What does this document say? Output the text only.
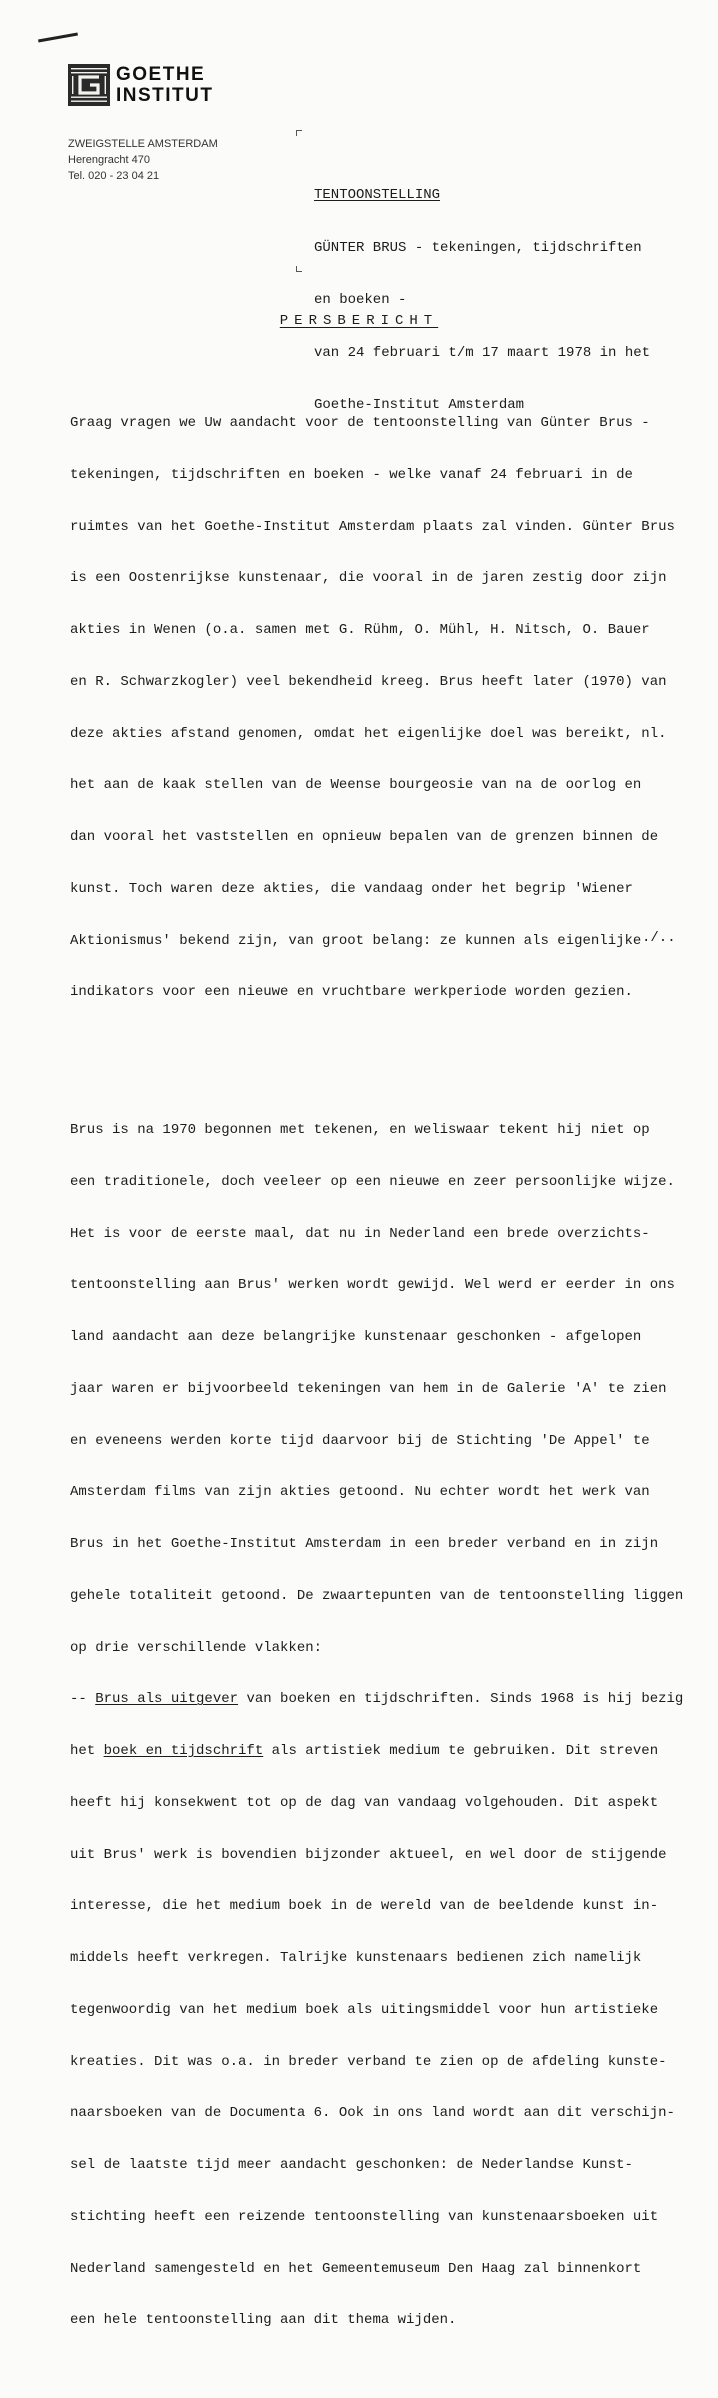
GOETHE
INSTITUT
ZWEIGSTELLE AMSTERDAM
Herengracht 470
Tel. 020 - 23 04 21

TENTOONSTELLING

GÜNTER BRUS - tekeningen, tijdschriften

en boeken -

van 24 februari t/m 17 maart 1978 in het

Goethe-Institut Amsterdam

PERSBERICHT

Graag vragen we Uw aandacht voor de tentoonstelling van Günter Brus -

tekeningen, tijdschriften en boeken - welke vanaf 24 februari in de

ruimtes van het Goethe-Institut Amsterdam plaats zal vinden. Günter Brus

is een Oostenrijkse kunstenaar, die vooral in de jaren zestig door zijn

akties in Wenen (o.a. samen met G. Rühm, O. Mühl, H. Nitsch, O. Bauer

en R. Schwarzkogler) veel bekendheid kreeg. Brus heeft later (1970) van

deze akties afstand genomen, omdat het eigenlijke doel was bereikt, nl.

het aan de kaak stellen van de Weense bourgeosie van na de oorlog en

dan vooral het vaststellen en opnieuw bepalen van de grenzen binnen de

kunst. Toch waren deze akties, die vandaag onder het begrip 'Wiener

Aktionismus' bekend zijn, van groot belang: ze kunnen als eigenlijke

indikators voor een nieuwe en vruchtbare werkperiode worden gezien.

Brus is na 1970 begonnen met tekenen, en weliswaar tekent hij niet op

een traditionele, doch veeleer op een nieuwe en zeer persoonlijke wijze.

Het is voor de eerste maal, dat nu in Nederland een brede overzichts-

tentoonstelling aan Brus' werken wordt gewijd. Wel werd er eerder in ons

land aandacht aan deze belangrijke kunstenaar geschonken - afgelopen

jaar waren er bijvoorbeeld tekeningen van hem in de Galerie 'A' te zien

en eveneens werden korte tijd daarvoor bij de Stichting 'De Appel' te

Amsterdam films van zijn akties getoond. Nu echter wordt het werk van

Brus in het Goethe-Institut Amsterdam in een breder verband en in zijn

gehele totaliteit getoond. De zwaartepunten van de tentoonstelling liggen

op drie verschillende vlakken:

-- Brus als uitgever van boeken en tijdschriften. Sinds 1968 is hij bezig

het boek en tijdschrift als artistiek medium te gebruiken. Dit streven

heeft hij konsekwent tot op de dag van vandaag volgehouden. Dit aspekt

uit Brus' werk is bovendien bijzonder aktueel, en wel door de stijgende

interesse, die het medium boek in de wereld van de beeldende kunst in-

middels heeft verkregen. Talrijke kunstenaars bedienen zich namelijk

tegenwoordig van het medium boek als uitingsmiddel voor hun artistieke

kreaties. Dit was o.a. in breder verband te zien op de afdeling kunste-

naarsboeken van de Documenta 6. Ook in ons land wordt aan dit verschijn-

sel de laatste tijd meer aandacht geschonken: de Nederlandse Kunst-

stichting heeft een reizende tentoonstelling van kunstenaarsboeken uit

Nederland samengesteld en het Gemeentemuseum Den Haag zal binnenkort

een hele tentoonstelling aan dit thema wijden.

./..
